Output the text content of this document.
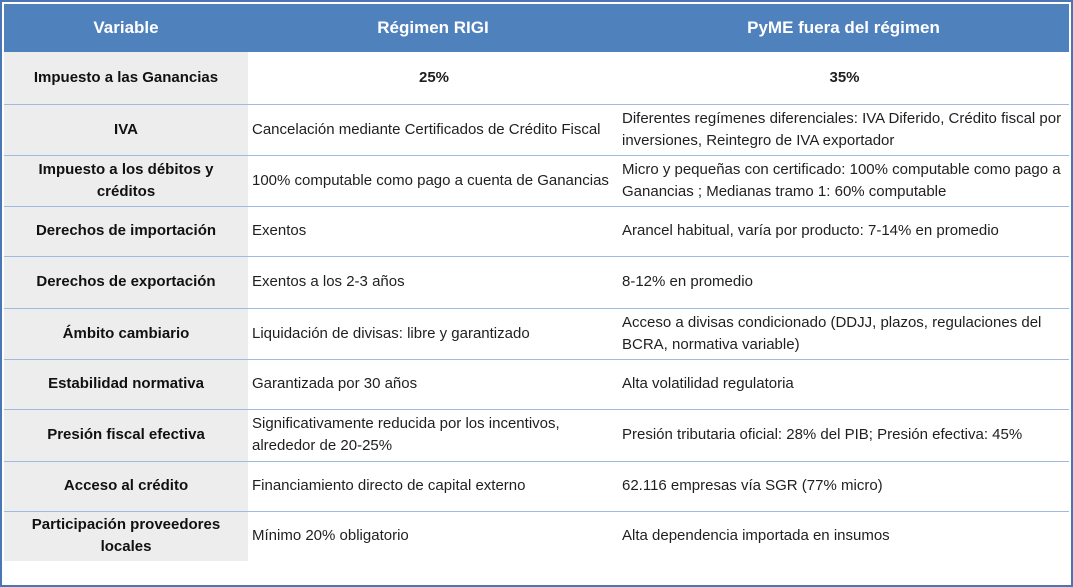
Variable	Régimen RIGI	PyME fuera del régimen
Impuesto a las Ganancias	25%	35%
IVA	Cancelación mediante Certificados de Crédito Fiscal	Diferentes regímenes diferenciales: IVA Diferido, Crédito fiscal por inversiones, Reintegro de IVA exportador
Impuesto a los débitos y créditos	100% computable como pago a cuenta de Ganancias	Micro y pequeñas con certificado: 100% computable como pago a Ganancias ; Medianas tramo 1: 60% computable
Derechos de importación	Exentos	Arancel habitual, varía por producto: 7-14% en promedio
Derechos de exportación	Exentos a los 2-3 años	8-12% en promedio
Ámbito cambiario	Liquidación de divisas: libre y garantizado	Acceso a divisas condicionado (DDJJ, plazos, regulaciones del BCRA, normativa variable)
Estabilidad normativa	Garantizada por 30 años	Alta volatilidad regulatoria
Presión fiscal efectiva	Significativamente reducida por los incentivos, alrededor de 20-25%	Presión tributaria oficial: 28% del PIB; Presión efectiva: 45%
Acceso al crédito	Financiamiento directo de capital externo	62.116 empresas vía SGR (77% micro)
Participación proveedores locales	Mínimo 20% obligatorio	Alta dependencia importada en insumos
